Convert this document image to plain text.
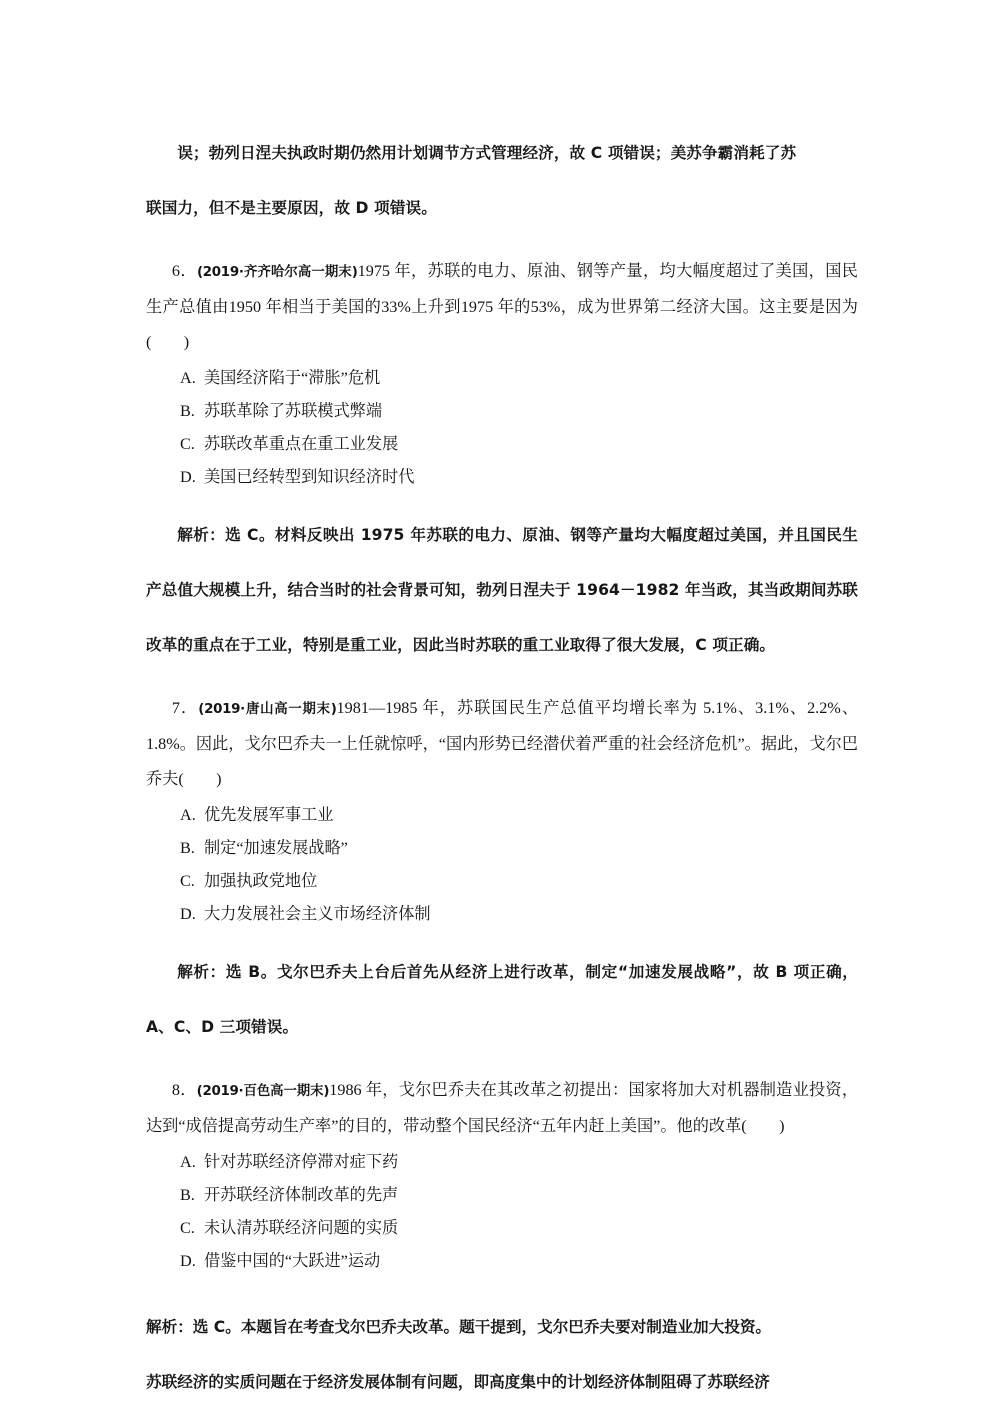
误；勃列日涅夫执政时期仍然用计划调节方式管理经济，故 C 项错误；美苏争霸消耗了苏
联国力，但不是主要原因，故 D 项错误。
6．(2019·齐齐哈尔高一期末)1975 年，苏联的电力、原油、钢等产量，均大幅度超过了美国，国民生产总值由1950 年相当于美国的33%上升到1975 年的53%，成为世界第二经济大国。这主要是因为(　　)
A. 美国经济陷于“滞胀”危机
B. 苏联革除了苏联模式弊端
C. 苏联改革重点在重工业发展
D. 美国已经转型到知识经济时代
解析：选 C。材料反映出 1975 年苏联的电力、原油、钢等产量均大幅度超过美国，并且国民生产总值大规模上升，结合当时的社会背景可知，勃列日涅夫于 1964－1982 年当政，其当政期间苏联改革的重点在于工业，特别是重工业，因此当时苏联的重工业取得了很大发展，C 项正确。
7．(2019·唐山高一期末)1981—1985 年，苏联国民生产总值平均增长率为 5.1%、3.1%、2.2%、1.8%。因此，戈尔巴乔夫一上任就惊呼，“国内形势已经潜伏着严重的社会经济危机”。据此，戈尔巴乔夫(　　)
A. 优先发展军事工业
B. 制定“加速发展战略”
C. 加强执政党地位
D. 大力发展社会主义市场经济体制
解析：选 B。戈尔巴乔夫上台后首先从经济上进行改革，制定“加速发展战略”，故 B 项正确，A、C、D 三项错误。
8．(2019·百色高一期末)1986 年，戈尔巴乔夫在其改革之初提出：国家将加大对机器制造业投资，达到“成倍提高劳动生产率”的目的，带动整个国民经济“五年内赶上美国”。他的改革(　　)
A. 针对苏联经济停滞对症下药
B. 开苏联经济体制改革的先声
C. 未认清苏联经济问题的实质
D. 借鉴中国的“大跃进”运动
解析：选 C。本题旨在考查戈尔巴乔夫改革。题干提到，戈尔巴乔夫要对制造业加大投资。
苏联经济的实质问题在于经济发展体制有问题，即高度集中的计划经济体制阻碍了苏联经济
